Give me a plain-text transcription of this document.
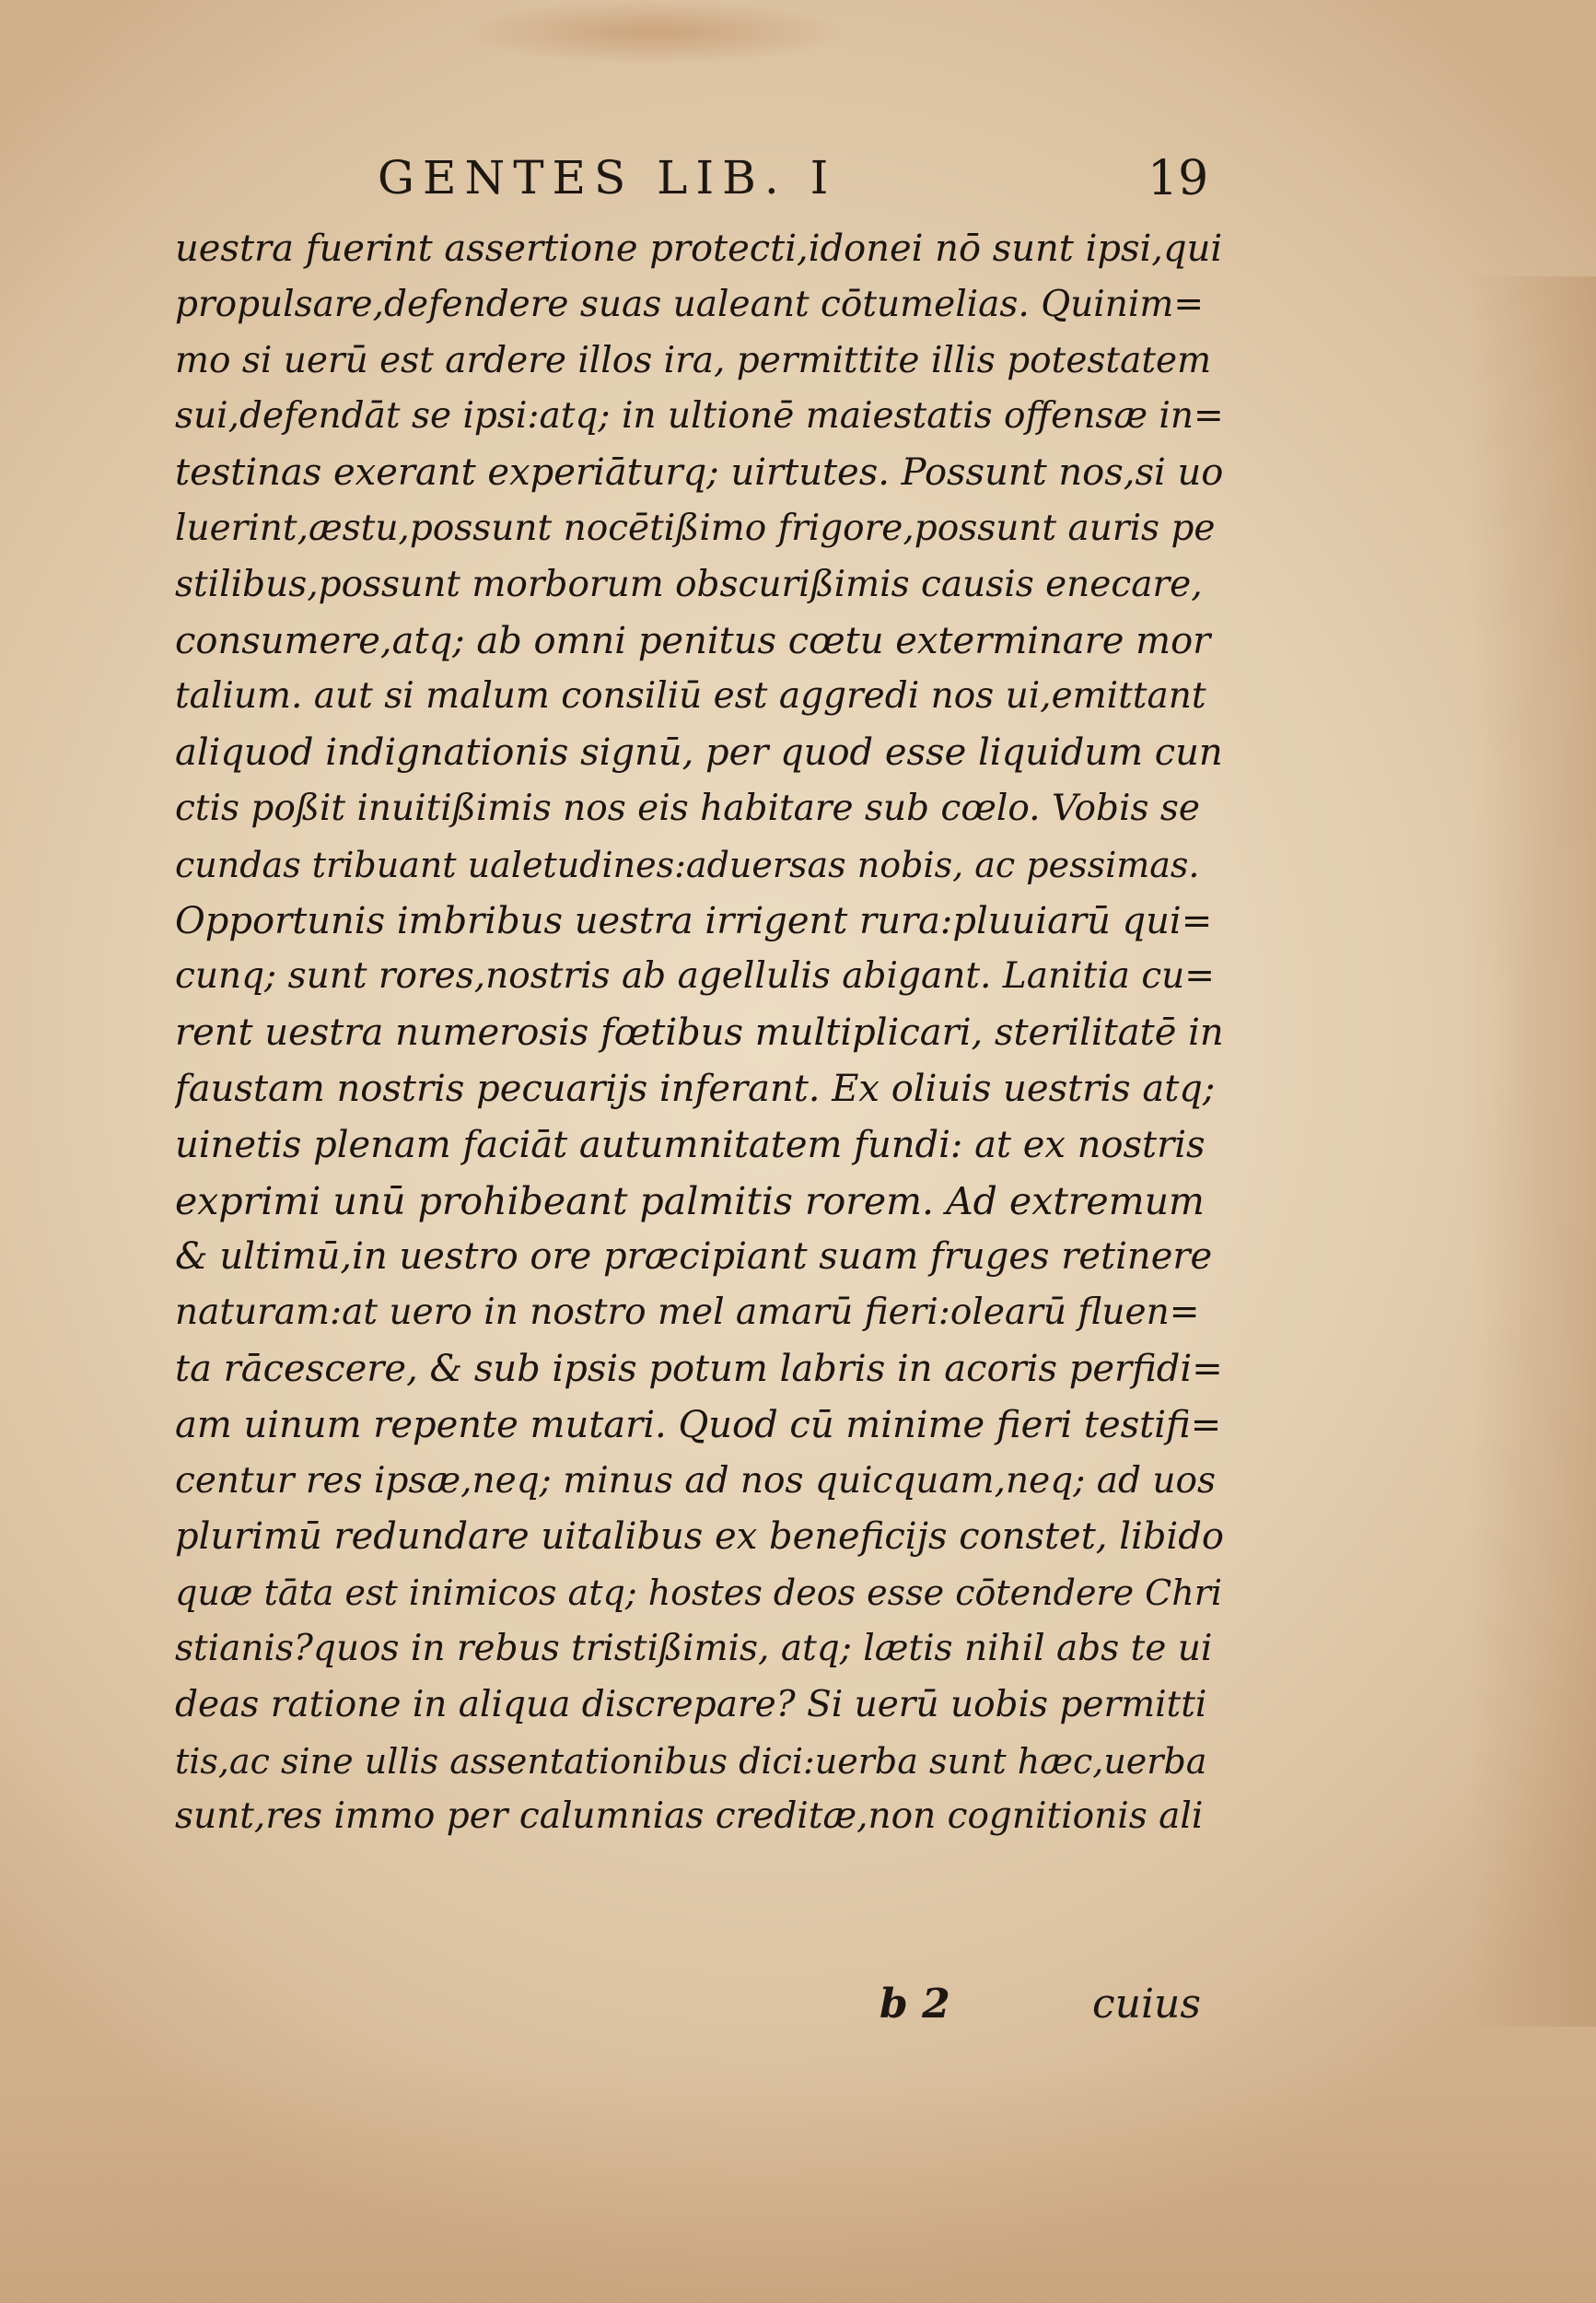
GENTES LIB. I	19
uestra fuerint assertione protecti,idonei nō sunt ipsi,qui
propulsare,defendere suas ualeant cōtumelias. Quinim=
mo si uerū est ardere illos ira, permittite illis potestatem
sui,defendāt se ipsi:atq; in ultionē maiestatis offensæ in=
testinas exerant experiāturq; uirtutes. Possunt nos,si uo
luerint,æstu,possunt nocētißimo frigore,possunt auris pe
stilibus,possunt morborum obscurißimis causis enecare,
consumere,atq; ab omni penitus cœtu exterminare mor
talium. aut si malum consiliū est aggredi nos ui,emittant
aliquod indignationis signū, per quod esse liquidum cun
ctis poßit inuitißimis nos eis habitare sub cœlo. Vobis se
cundas tribuant ualetudines:aduersas nobis, ac pessimas.
Opportunis imbribus uestra irrigent rura:pluuiarū qui=
cunq; sunt rores,nostris ab agellulis abigant. Lanitia cu=
rent uestra numerosis fœtibus multiplicari, sterilitatē in
faustam nostris pecuarijs inferant. Ex oliuis uestris atq;
uinetis plenam faciāt autumnitatem fundi: at ex nostris
exprimi unū prohibeant palmitis rorem. Ad extremum
& ultimū,in uestro ore præcipiant suam fruges retinere
naturam:at uero in nostro mel amarū fieri:olearū fluen=
ta rācescere, & sub ipsis potum labris in acoris perfidi=
am uinum repente mutari. Quod cū minime fieri testifi=
centur res ipsæ,neq; minus ad nos quicquam,neq; ad uos
plurimū redundare uitalibus ex beneficijs constet, libido
quæ tāta est inimicos atq; hostes deos esse cōtendere Chri
stianis?quos in rebus tristißimis, atq; lætis nihil abs te ui
deas ratione in aliqua discrepare? Si uerū uobis permitti
tis,ac sine ullis assentationibus dici:uerba sunt hæc,uerba
sunt,res immo per calumnias creditæ,non cognitionis ali
b 2	cuius
